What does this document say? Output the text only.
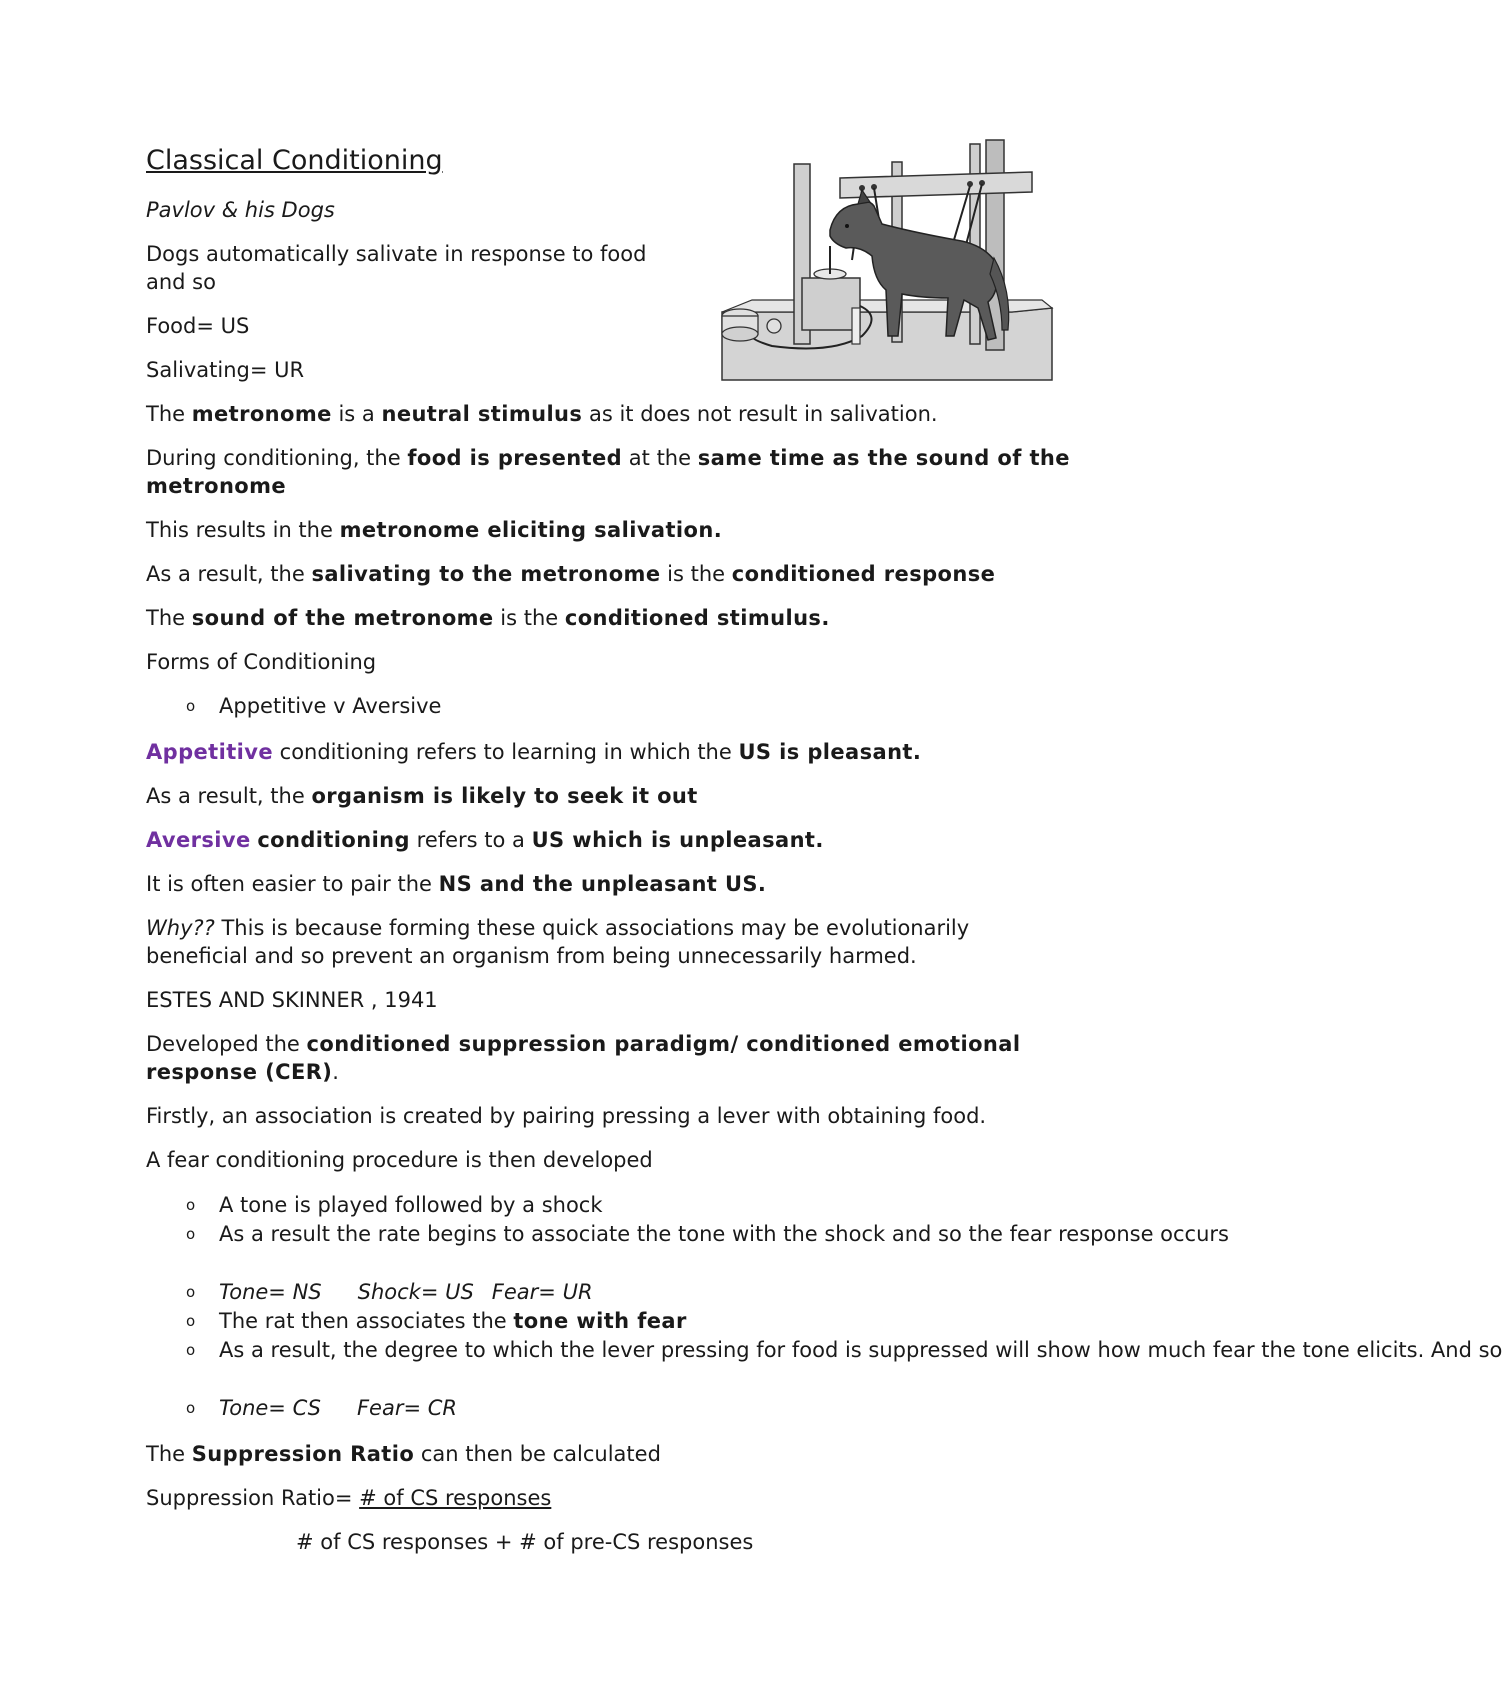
Classical Conditioning
Pavlov & his Dogs
Dogs automatically salivate in response to food and so
Food= US
Salivating= UR
The metronome is a neutral stimulus as it does not result in salivation.
During conditioning, the food is presented at the same time as the sound of the metronome
This results in the metronome eliciting salivation.
As a result, the salivating to the metronome is the conditioned response
The sound of the metronome is the conditioned stimulus.
Forms of Conditioning
o Appetitive v Aversive
Appetitive conditioning refers to learning in which the US is pleasant.
As a result, the organism is likely to seek it out
Aversive conditioning refers to a US which is unpleasant.
It is often easier to pair the NS and the unpleasant US.
Why?? This is because forming these quick associations may be evolutionarily beneficial and so prevent an organism from being unnecessarily harmed.
ESTES AND SKINNER , 1941
Developed the conditioned suppression paradigm/ conditioned emotional response (CER).
Firstly, an association is created by pairing pressing a lever with obtaining food.
A fear conditioning procedure is then developed
o A tone is played followed by a shock
o As a result the rate begins to associate the tone with the shock and so the fear response occurs
o Tone= NS Shock= US Fear= UR
o The rat then associates the tone with fear
o As a result, the degree to which the lever pressing for food is suppressed will show how much fear the tone elicits. And so
o Tone= CS Fear= CR
The Suppression Ratio can then be calculated
Suppression Ratio= # of CS responses
# of CS responses + # of pre-CS responses
